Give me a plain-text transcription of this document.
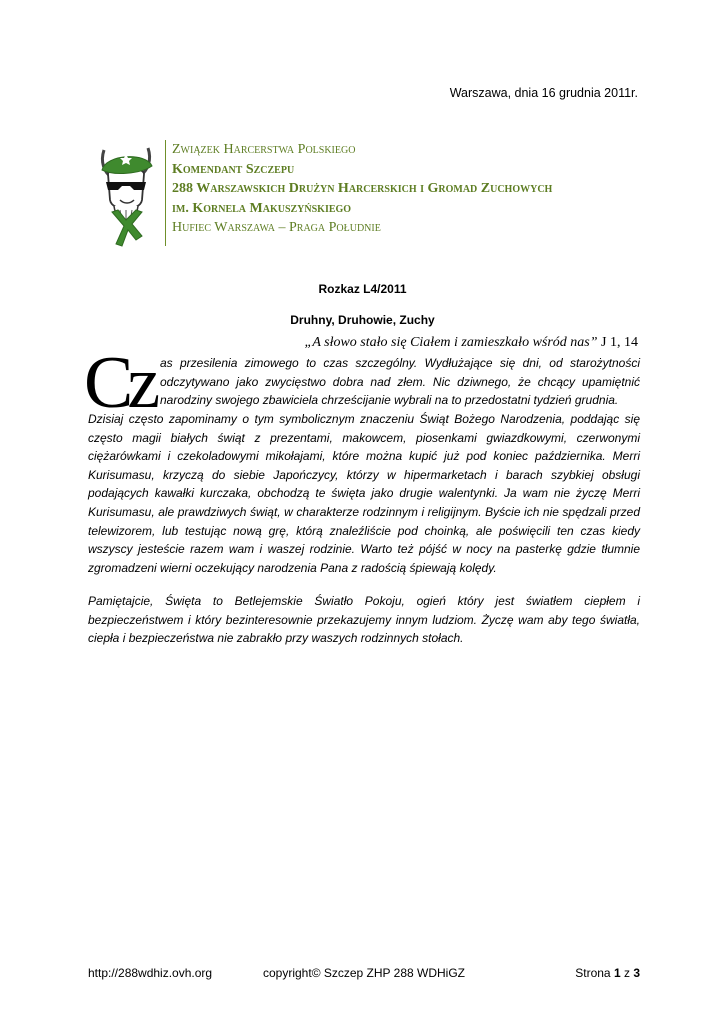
Warszawa, dnia 16 grudnia 2011r.
Związek Harcerstwa Polskiego
Komendant Szczepu
288 Warszawskich Drużyn Harcerskich i Gromad Zuchowych
im. Kornela Makuszyńskiego
Hufiec Warszawa – Praga Południe
Rozkaz L4/2011
Druhny, Druhowie, Zuchy
„A słowo stało się Ciałem i zamieszkało wśród nas” J 1, 14
Cz as przesilenia zimowego to czas szczególny. Wydłużające się dni, od starożytności odczytywano jako zwycięstwo dobra nad złem. Nic dziwnego, że chcący upamiętnić narodziny swojego zbawiciela chrześcijanie wybrali na to przedostatni tydzień grudnia.
Dzisiaj często zapominamy o tym symbolicznym znaczeniu Świąt Bożego Narodzenia, poddając się często magii białych świąt z prezentami, makowcem, piosenkami gwiazdkowymi, czerwonymi ciężarówkami i czekoladowymi mikołajami, które można kupić już pod koniec października. Merri Kurisumasu, krzyczą do siebie Japończycy, którzy w hipermarketach i barach szybkiej obsługi podających kawałki kurczaka, obchodzą te święta jako drugie walentynki. Ja wam nie życzę Merri Kurisumasu, ale prawdziwych świąt, w charakterze rodzinnym i religijnym. Byście ich nie spędzali przed telewizorem, lub testując nową grę, którą znaleźliście pod choinką, ale poświęcili ten czas kiedy wszyscy jesteście razem wam i waszej rodzinie. Warto też pójść w nocy na pasterkę gdzie tłumnie zgromadzeni wierni oczekujący narodzenia Pana z radością śpiewają kolędy.
Pamiętajcie, Święta to Betlejemskie Światło Pokoju, ogień który jest światłem ciepłem i bezpieczeństwem i który bezinteresownie przekazujemy innym ludziom. Życzę wam aby tego światła, ciepła i bezpieczeństwa nie zabrakło przy waszych rodzinnych stołach.
http://288wdhiz.ovh.org	copyright© Szczep ZHP 288 WDHiGZ	Strona 1 z 3
